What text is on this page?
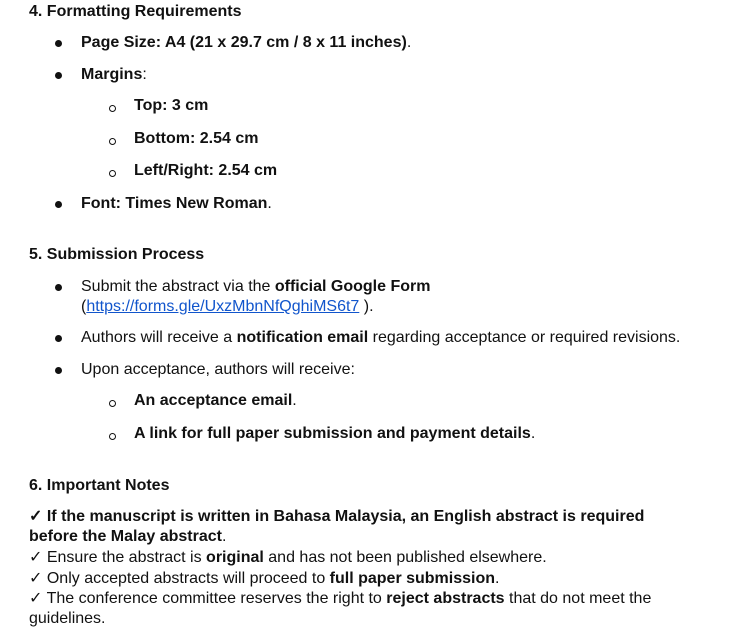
4. Formatting Requirements
Page Size: A4 (21 x 29.7 cm / 8 x 11 inches).
Margins:
Top: 3 cm
Bottom: 2.54 cm
Left/Right: 2.54 cm
Font: Times New Roman.
5. Submission Process
Submit the abstract via the official Google Form
(https://forms.gle/UxzMbnNfQghiMS6t7 ).
Authors will receive a notification email regarding acceptance or required revisions.
Upon acceptance, authors will receive:
An acceptance email.
A link for full paper submission and payment details.
6. Important Notes
✓ If the manuscript is written in Bahasa Malaysia, an English abstract is required
before the Malay abstract.
✓ Ensure the abstract is original and has not been published elsewhere.
✓ Only accepted abstracts will proceed to full paper submission.
✓ The conference committee reserves the right to reject abstracts that do not meet the
guidelines.
